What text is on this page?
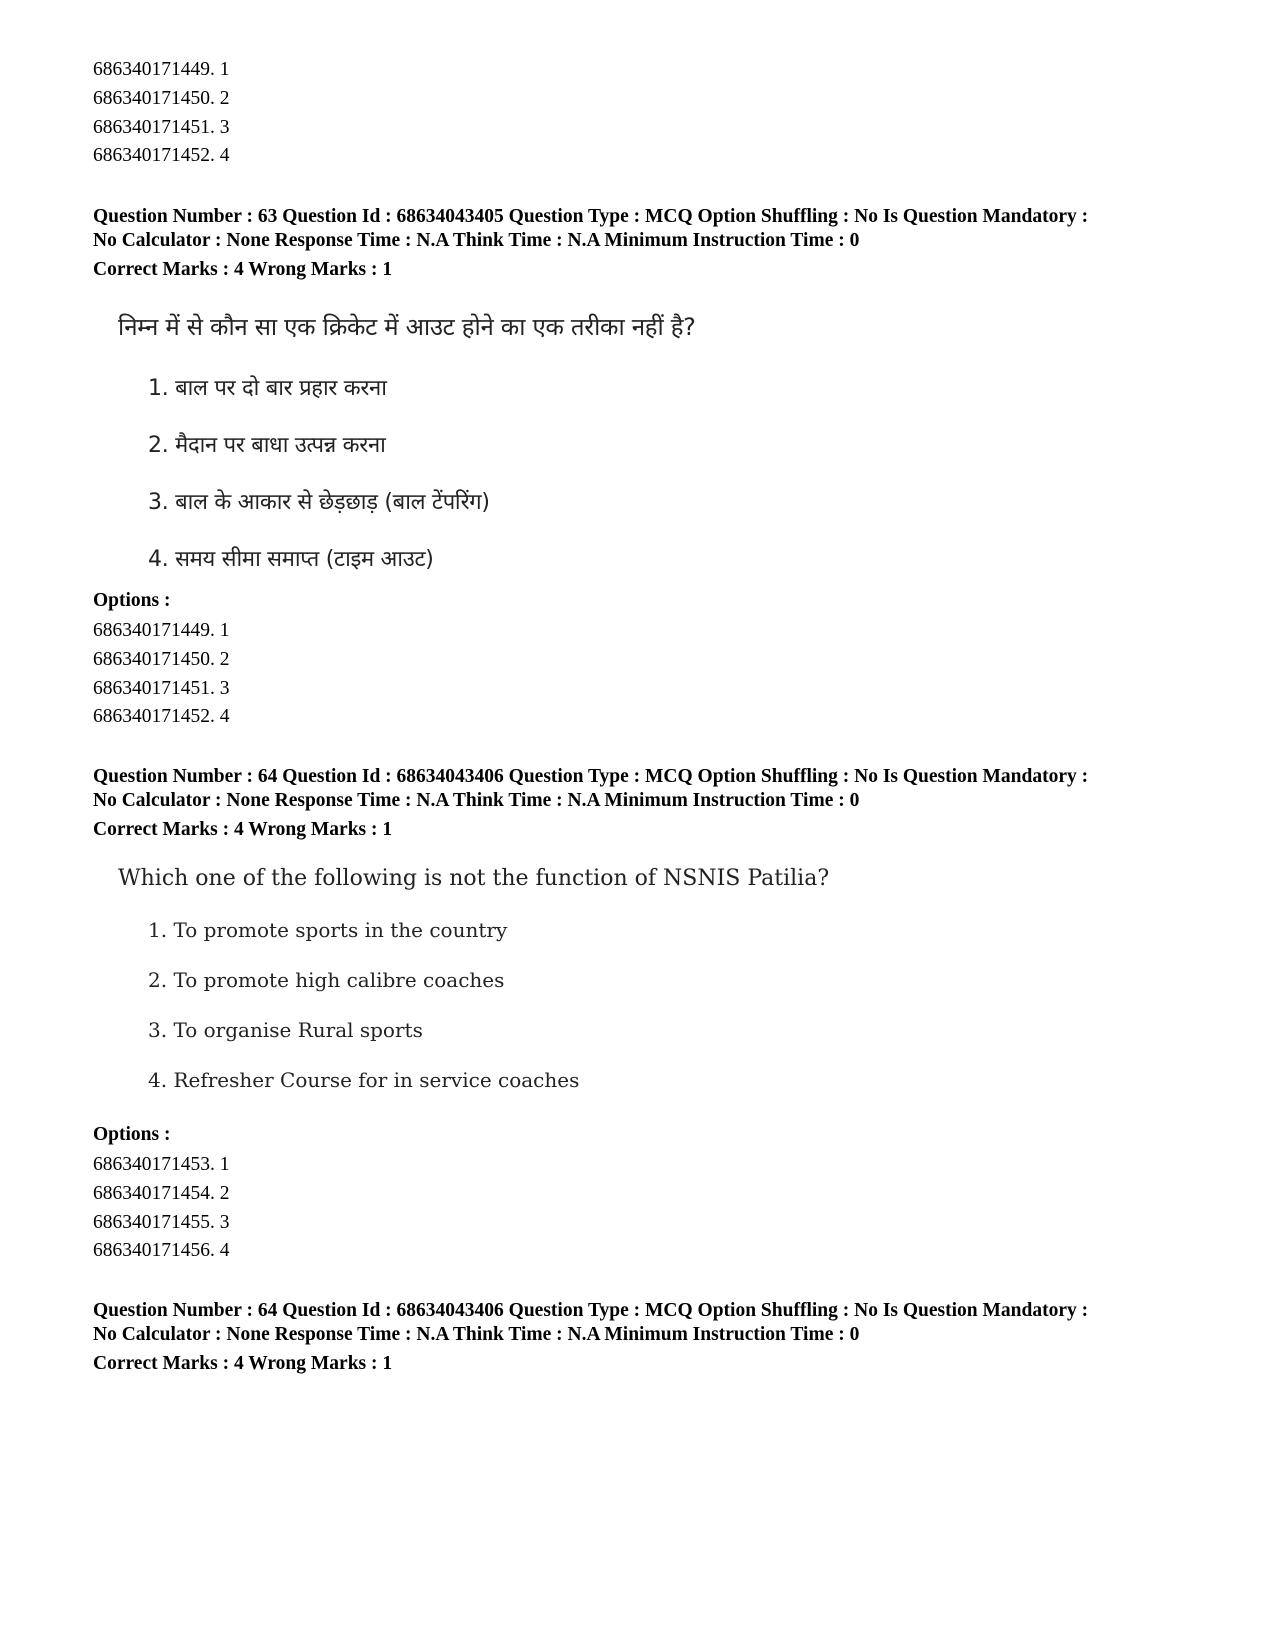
686340171449. 1
686340171450. 2
686340171451. 3
686340171452. 4
Question Number : 63 Question Id : 68634043405 Question Type : MCQ Option Shuffling : No Is Question Mandatory :
No Calculator : None Response Time : N.A Think Time : N.A Minimum Instruction Time : 0
Correct Marks : 4 Wrong Marks : 1
निम्न में से कौन सा एक क्रिकेट में आउट होने का एक तरीका नहीं है?
1. बाल पर दो बार प्रहार करना
2. मैदान पर बाधा उत्पन्न करना
3. बाल के आकार से छेड़छाड़ (बाल टेंपरिंग)
4. समय सीमा समाप्त (टाइम आउट)
Options :
686340171449. 1
686340171450. 2
686340171451. 3
686340171452. 4
Question Number : 64 Question Id : 68634043406 Question Type : MCQ Option Shuffling : No Is Question Mandatory :
No Calculator : None Response Time : N.A Think Time : N.A Minimum Instruction Time : 0
Correct Marks : 4 Wrong Marks : 1
Which one of the following is not the function of NSNIS Patilia?
1. To promote sports in the country
2. To promote high calibre coaches
3. To organise Rural sports
4. Refresher Course for in service coaches
Options :
686340171453. 1
686340171454. 2
686340171455. 3
686340171456. 4
Question Number : 64 Question Id : 68634043406 Question Type : MCQ Option Shuffling : No Is Question Mandatory :
No Calculator : None Response Time : N.A Think Time : N.A Minimum Instruction Time : 0
Correct Marks : 4 Wrong Marks : 1
